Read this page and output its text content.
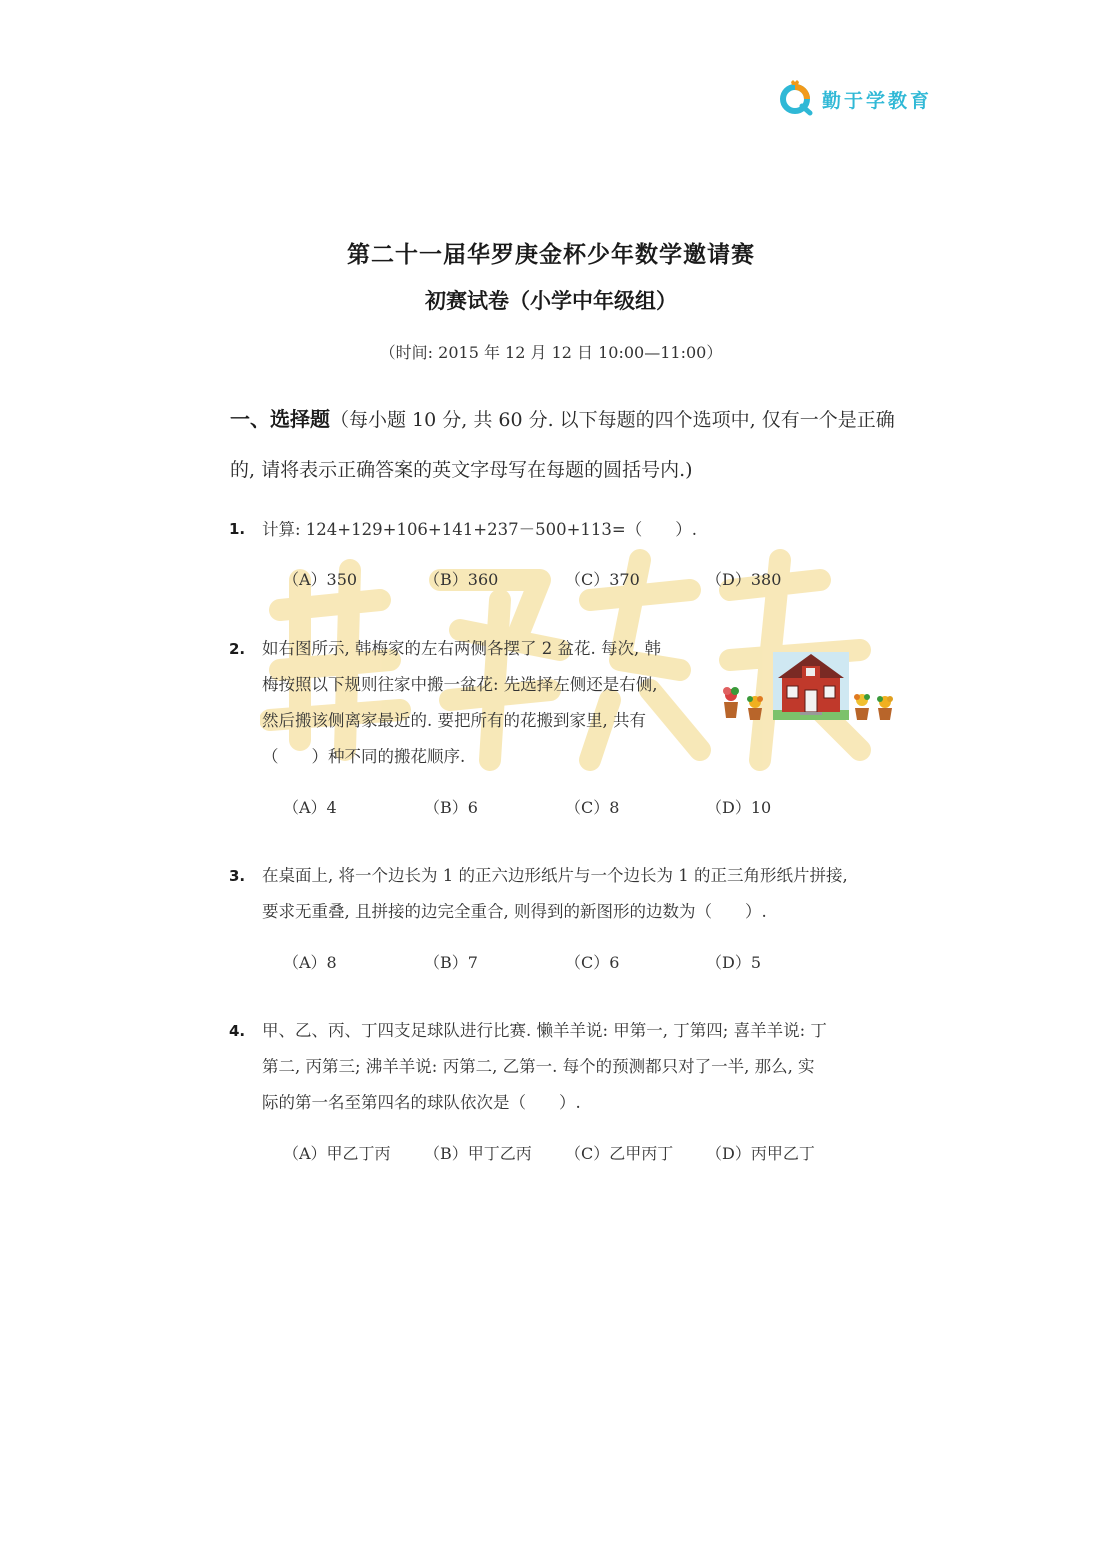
勤于学教育
第二十一届华罗庚金杯少年数学邀请赛
初赛试卷（小学中年级组）
（时间: 2015 年 12 月 12 日 10:00—11:00）
一、选择题（每小题 10 分, 共 60 分. 以下每题的四个选项中, 仅有一个是正确的, 请将表示正确答案的英文字母写在每题的圆括号内.)
1. 计算: 124+129+106+141+237－500+113=（　　）.
（A）350	（B）360	（C）370	（D）380
2. 如右图所示, 韩梅家的左右两侧各摆了 2 盆花. 每次, 韩
梅按照以下规则往家中搬一盆花: 先选择左侧还是右侧,
然后搬该侧离家最近的. 要把所有的花搬到家里, 共有
（　　）种不同的搬花顺序.
（A）4	（B）6	（C）8	（D）10
3. 在桌面上, 将一个边长为 1 的正六边形纸片与一个边长为 1 的正三角形纸片拼接,
要求无重叠, 且拼接的边完全重合, 则得到的新图形的边数为（　　）.
（A）8	（B）7	（C）6	（D）5
4. 甲、乙、丙、丁四支足球队进行比赛. 懒羊羊说: 甲第一, 丁第四; 喜羊羊说: 丁
第二, 丙第三; 沸羊羊说: 丙第二, 乙第一. 每个的预测都只对了一半, 那么, 实
际的第一名至第四名的球队依次是（　　）.
（A）甲乙丁丙 （B）甲丁乙丙 （C）乙甲丙丁 （D）丙甲乙丁
